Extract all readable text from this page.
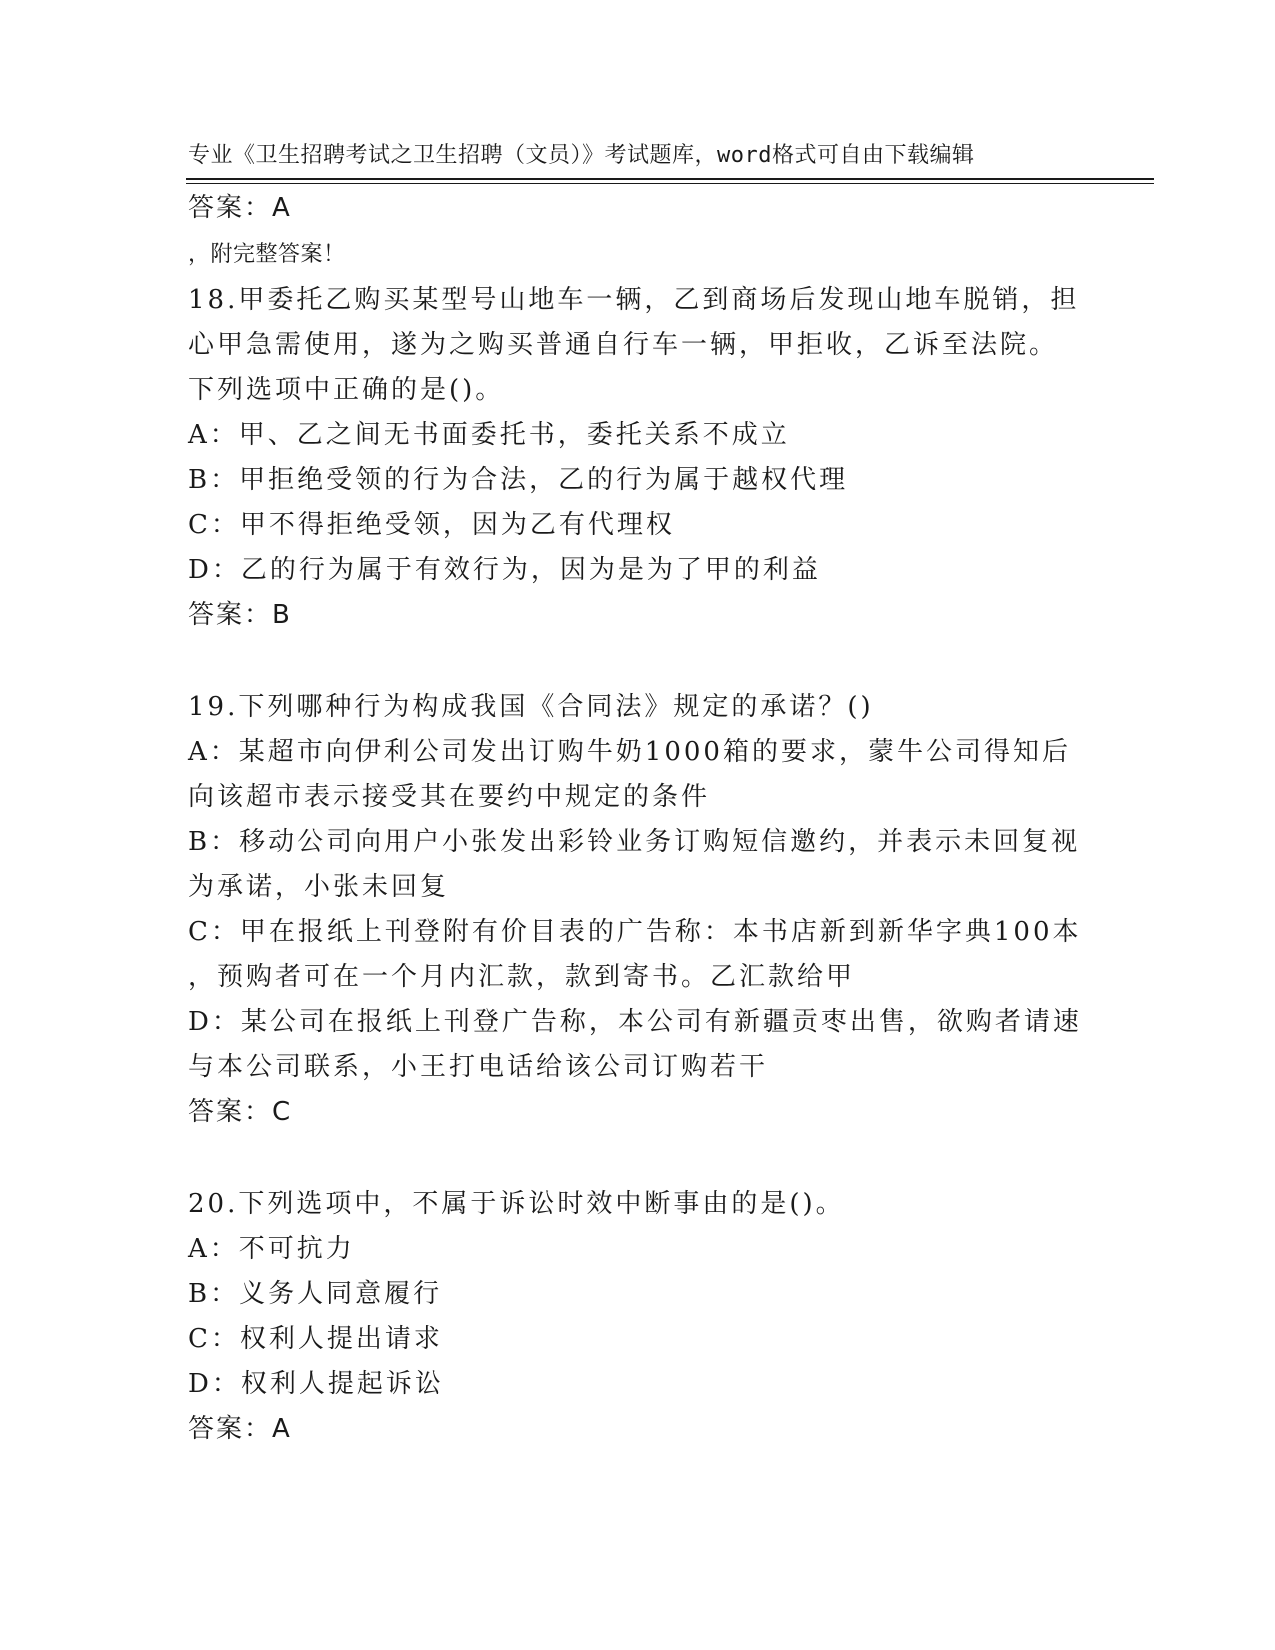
专业《卫生招聘考试之卫生招聘（文员）》考试题库，word格式可自由下载编辑

，附完整答案！

答案：A
18.甲委托乙购买某型号山地车一辆，乙到商场后发现山地车脱销，担
心甲急需使用，遂为之购买普通自行车一辆，甲拒收，乙诉至法院。
下列选项中正确的是()。
A：甲、乙之间无书面委托书，委托关系不成立
B：甲拒绝受领的行为合法，乙的行为属于越权代理
C：甲不得拒绝受领，因为乙有代理权
D：乙的行为属于有效行为，因为是为了甲的利益
答案：B
19.下列哪种行为构成我国《合同法》规定的承诺？()
A：某超市向伊利公司发出订购牛奶1000箱的要求，蒙牛公司得知后
向该超市表示接受其在要约中规定的条件
B：移动公司向用户小张发出彩铃业务订购短信邀约，并表示未回复视
为承诺，小张未回复
C：甲在报纸上刊登附有价目表的广告称：本书店新到新华字典100本
，预购者可在一个月内汇款，款到寄书。乙汇款给甲
D：某公司在报纸上刊登广告称，本公司有新疆贡枣出售，欲购者请速
与本公司联系，小王打电话给该公司订购若干
答案：C
20.下列选项中，不属于诉讼时效中断事由的是()。
A：不可抗力
B：义务人同意履行
C：权利人提出请求
D：权利人提起诉讼
答案：A
